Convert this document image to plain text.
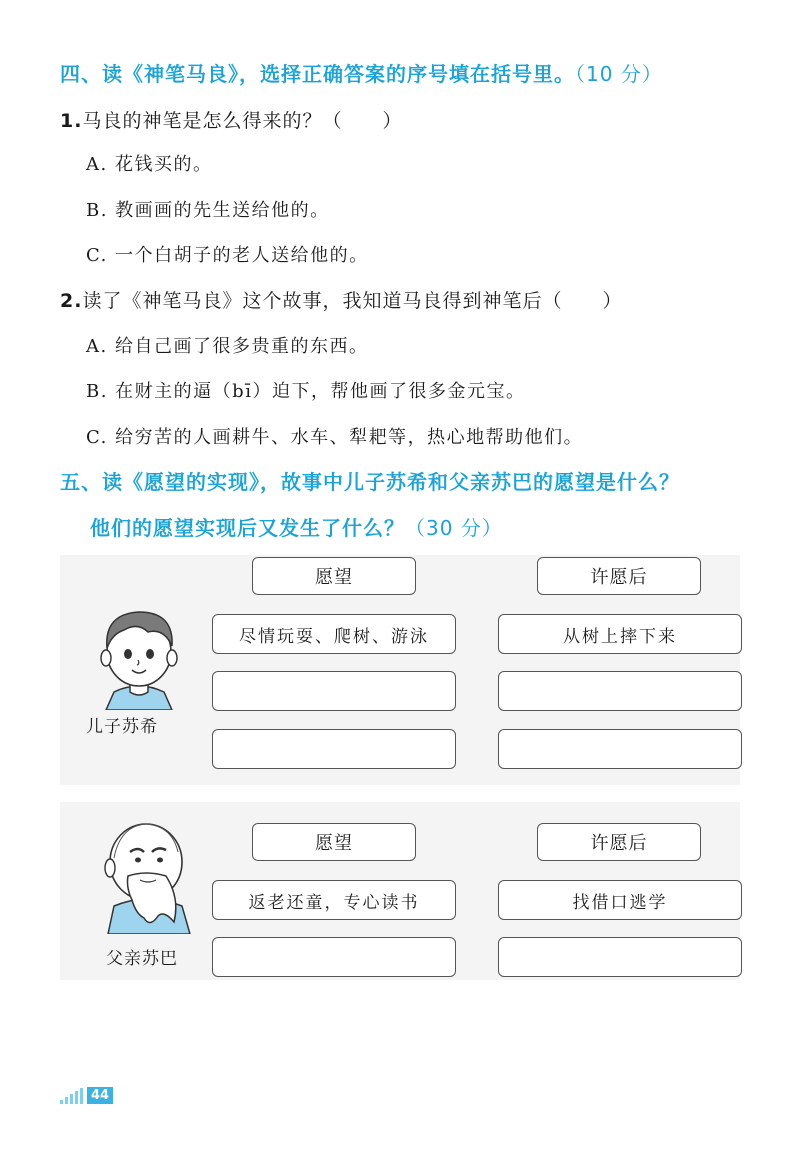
四、读《神笔马良》，选择正确答案的序号填在括号里。（10 分）
1.马良的神笔是怎么得来的？（　　）
A. 花钱买的。
B. 教画画的先生送给他的。
C. 一个白胡子的老人送给他的。
2.读了《神笔马良》这个故事，我知道马良得到神笔后（　　）
A. 给自己画了很多贵重的东西。
B. 在财主的逼（bī）迫下，帮他画了很多金元宝。
C. 给穷苦的人画耕牛、水车、犁耙等，热心地帮助他们。
五、读《愿望的实现》，故事中儿子苏希和父亲苏巴的愿望是什么？
他们的愿望实现后又发生了什么？（30 分）
儿子苏希
愿望	许愿后
尽情玩耍、爬树、游泳	从树上摔下来
父亲苏巴
愿望	许愿后
返老还童，专心读书	找借口逃学
44
